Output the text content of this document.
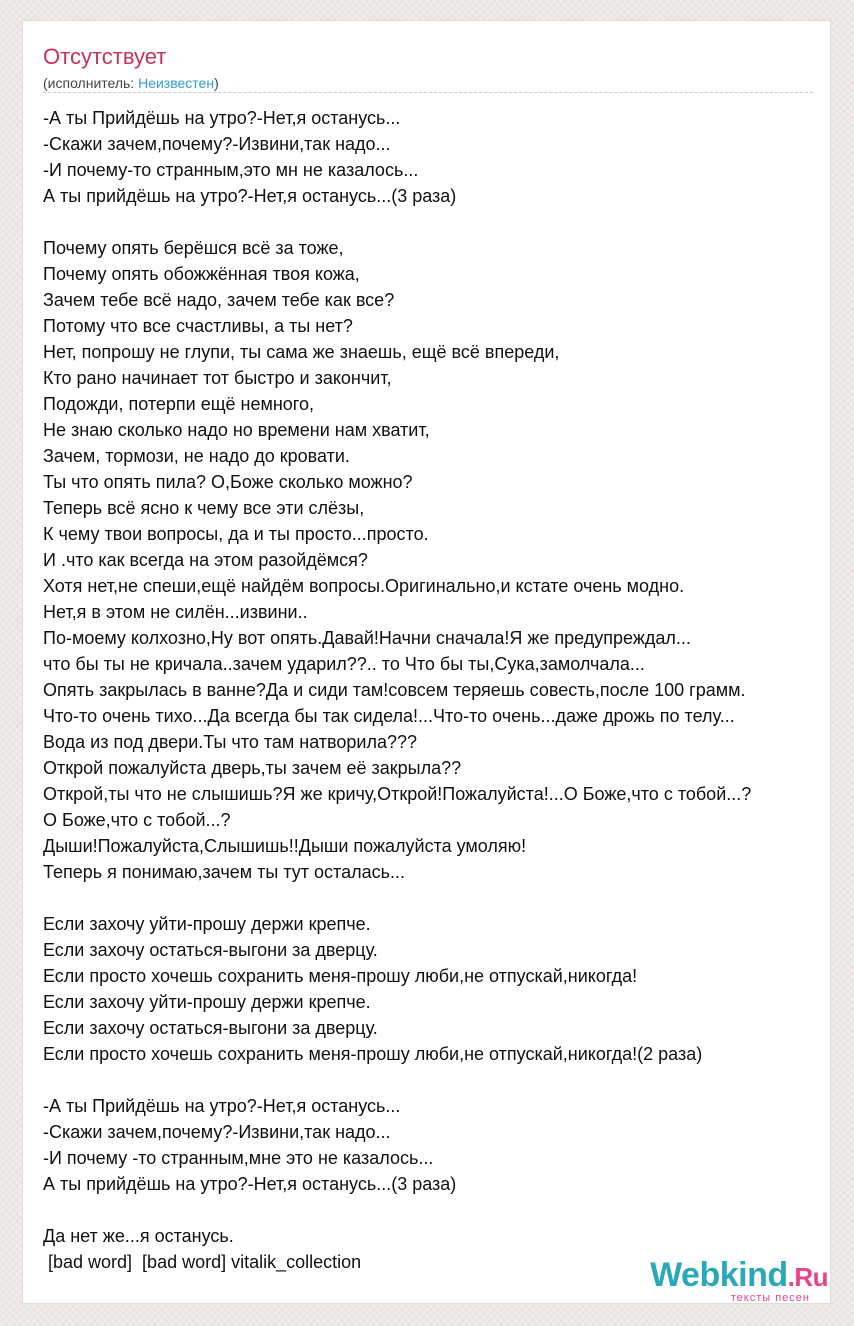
Отсутствует
(исполнитель: Неизвестен)
-А ты Прийдёшь на утро?-Нет,я останусь...
-Скажи зачем,почему?-Извини,так надо...
-И почему-то странным,это мн не казалось...
А ты прийдёшь на утро?-Нет,я останусь...(3 раза)
Почему опять берёшся всё за тоже,
Почему опять обожжённая твоя кожа,
Зачем тебе всё надо, зачем тебе как все?
Потому что все счастливы, а ты нет?
Нет, попрошу не глупи, ты сама же знаешь, ещё всё впереди,
Кто рано начинает тот быстро и закончит,
Подожди, потерпи ещё немного,
Не знаю сколько надо но времени нам хватит,
Зачем, тормози, не надо до кровати.
Ты что опять пила? О,Боже сколько можно?
Теперь всё ясно к чему все эти слёзы,
К чему твои вопросы, да и ты просто...просто.
И .что как всегда на этом разойдёмся?
Хотя нет,не спеши,ещё найдём вопросы.Оригинально,и кстате очень модно.
Нет,я в этом не силён...извини..
По-моему колхозно,Ну вот опять.Давай!Начни сначала!Я же предупреждал...
что бы ты не кричала..зачем ударил??.. то Что бы ты,Сука,замолчала...
Опять закрылась в ванне?Да и сиди там!совсем теряешь совесть,после 100 грамм.
Что-то очень тихо...Да всегда бы так сидела!...Что-то очень...даже дрожь по телу...
Вода из под двери.Ты что там натворила???
Открой пожалуйста дверь,ты зачем её закрыла??
Открой,ты что не слышишь?Я же кричу,Открой!Пожалуйста!...О Боже,что с тобой...?
О Боже,что с тобой...?
Дыши!Пожалуйста,Слышишь!!Дыши пожалуйста умоляю!
Теперь я понимаю,зачем ты тут осталась...
Если захочу уйти-прошу держи крепче.
Если захочу остаться-выгони за дверцу.
Если просто хочешь сохранить меня-прошу люби,не отпускай,никогда!
Если захочу уйти-прошу держи крепче.
Если захочу остаться-выгони за дверцу.
Если просто хочешь сохранить меня-прошу люби,не отпускай,никогда!(2 раза)
-А ты Прийдёшь на утро?-Нет,я останусь...
-Скажи зачем,почему?-Извини,так надо...
-И почему -то странным,мне это не казалось...
А ты прийдёшь на утро?-Нет,я останусь...(3 раза)
Да нет же...я останусь.
[bad word]  [bad word] vitalik_collection	Webkind.Ru
тексты песен
